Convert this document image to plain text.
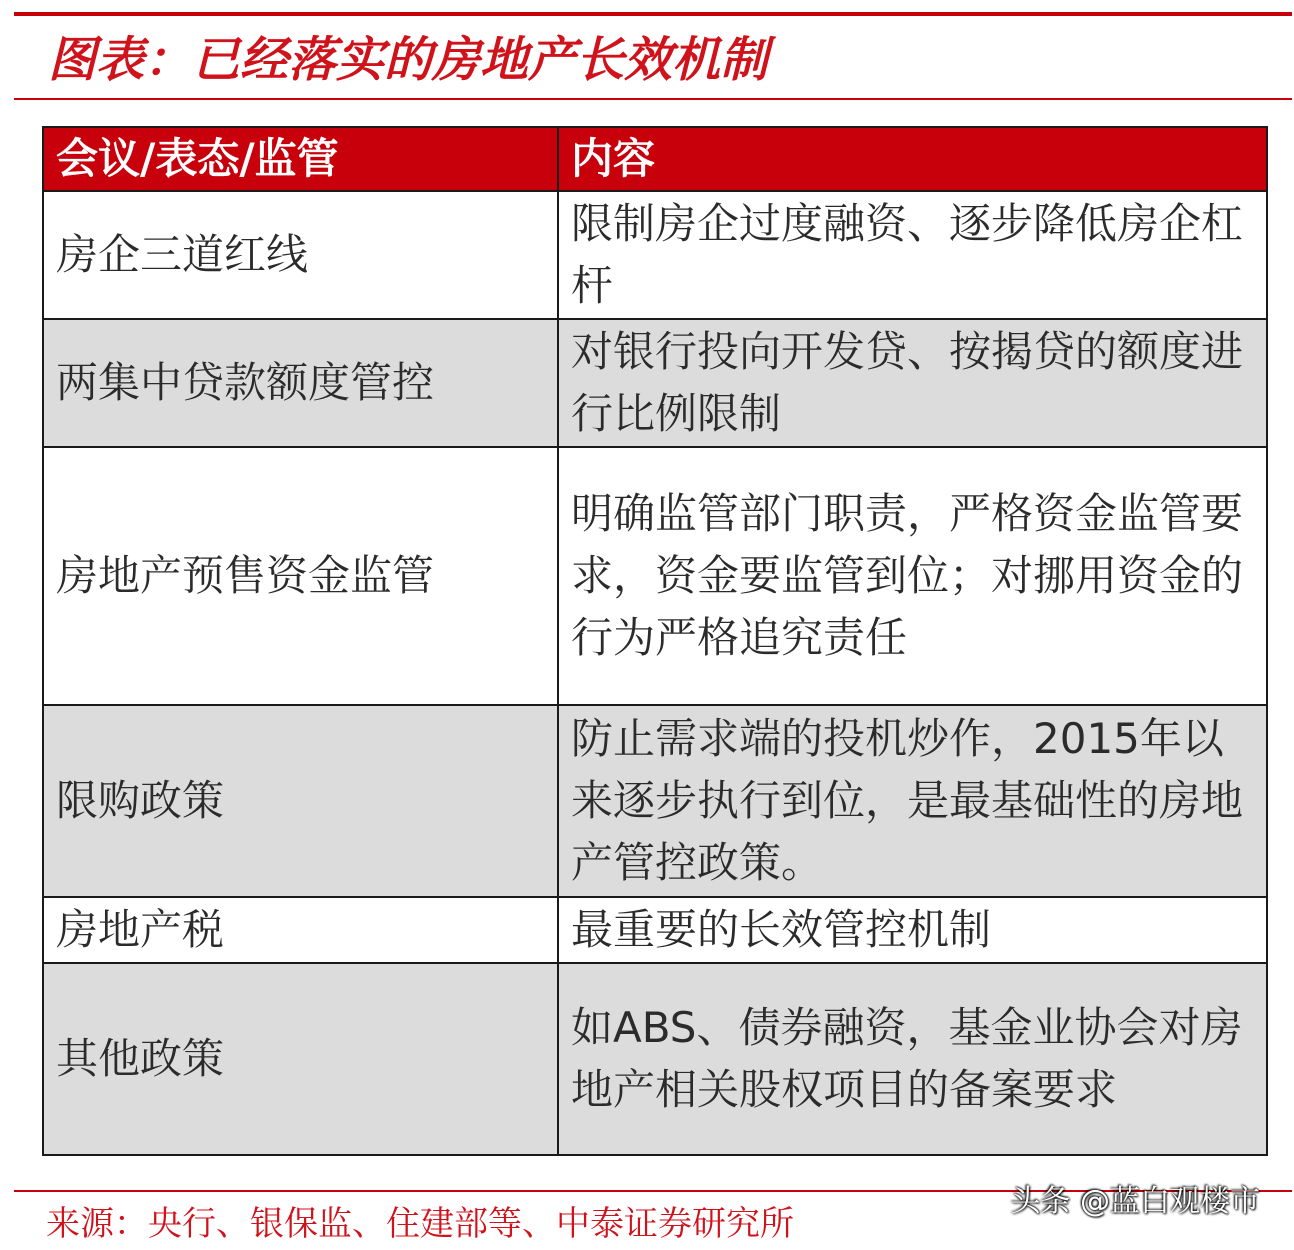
图表：已经落实的房地产长效机制
会议/表态/监管	内容
房企三道红线	限制房企过度融资、逐步降低房企杠杆
两集中贷款额度管控	对银行投向开发贷、按揭贷的额度进行比例限制
房地产预售资金监管	明确监管部门职责，严格资金监管要求，资金要监管到位；对挪用资金的行为严格追究责任
限购政策	防止需求端的投机炒作，2015年以来逐步执行到位，是最基础性的房地产管控政策。
房地产税	最重要的长效管控机制
其他政策	如ABS、债券融资，基金业协会对房地产相关股权项目的备案要求
来源：央行、银保监、住建部等、中泰证券研究所
头条 @蓝白观楼市
